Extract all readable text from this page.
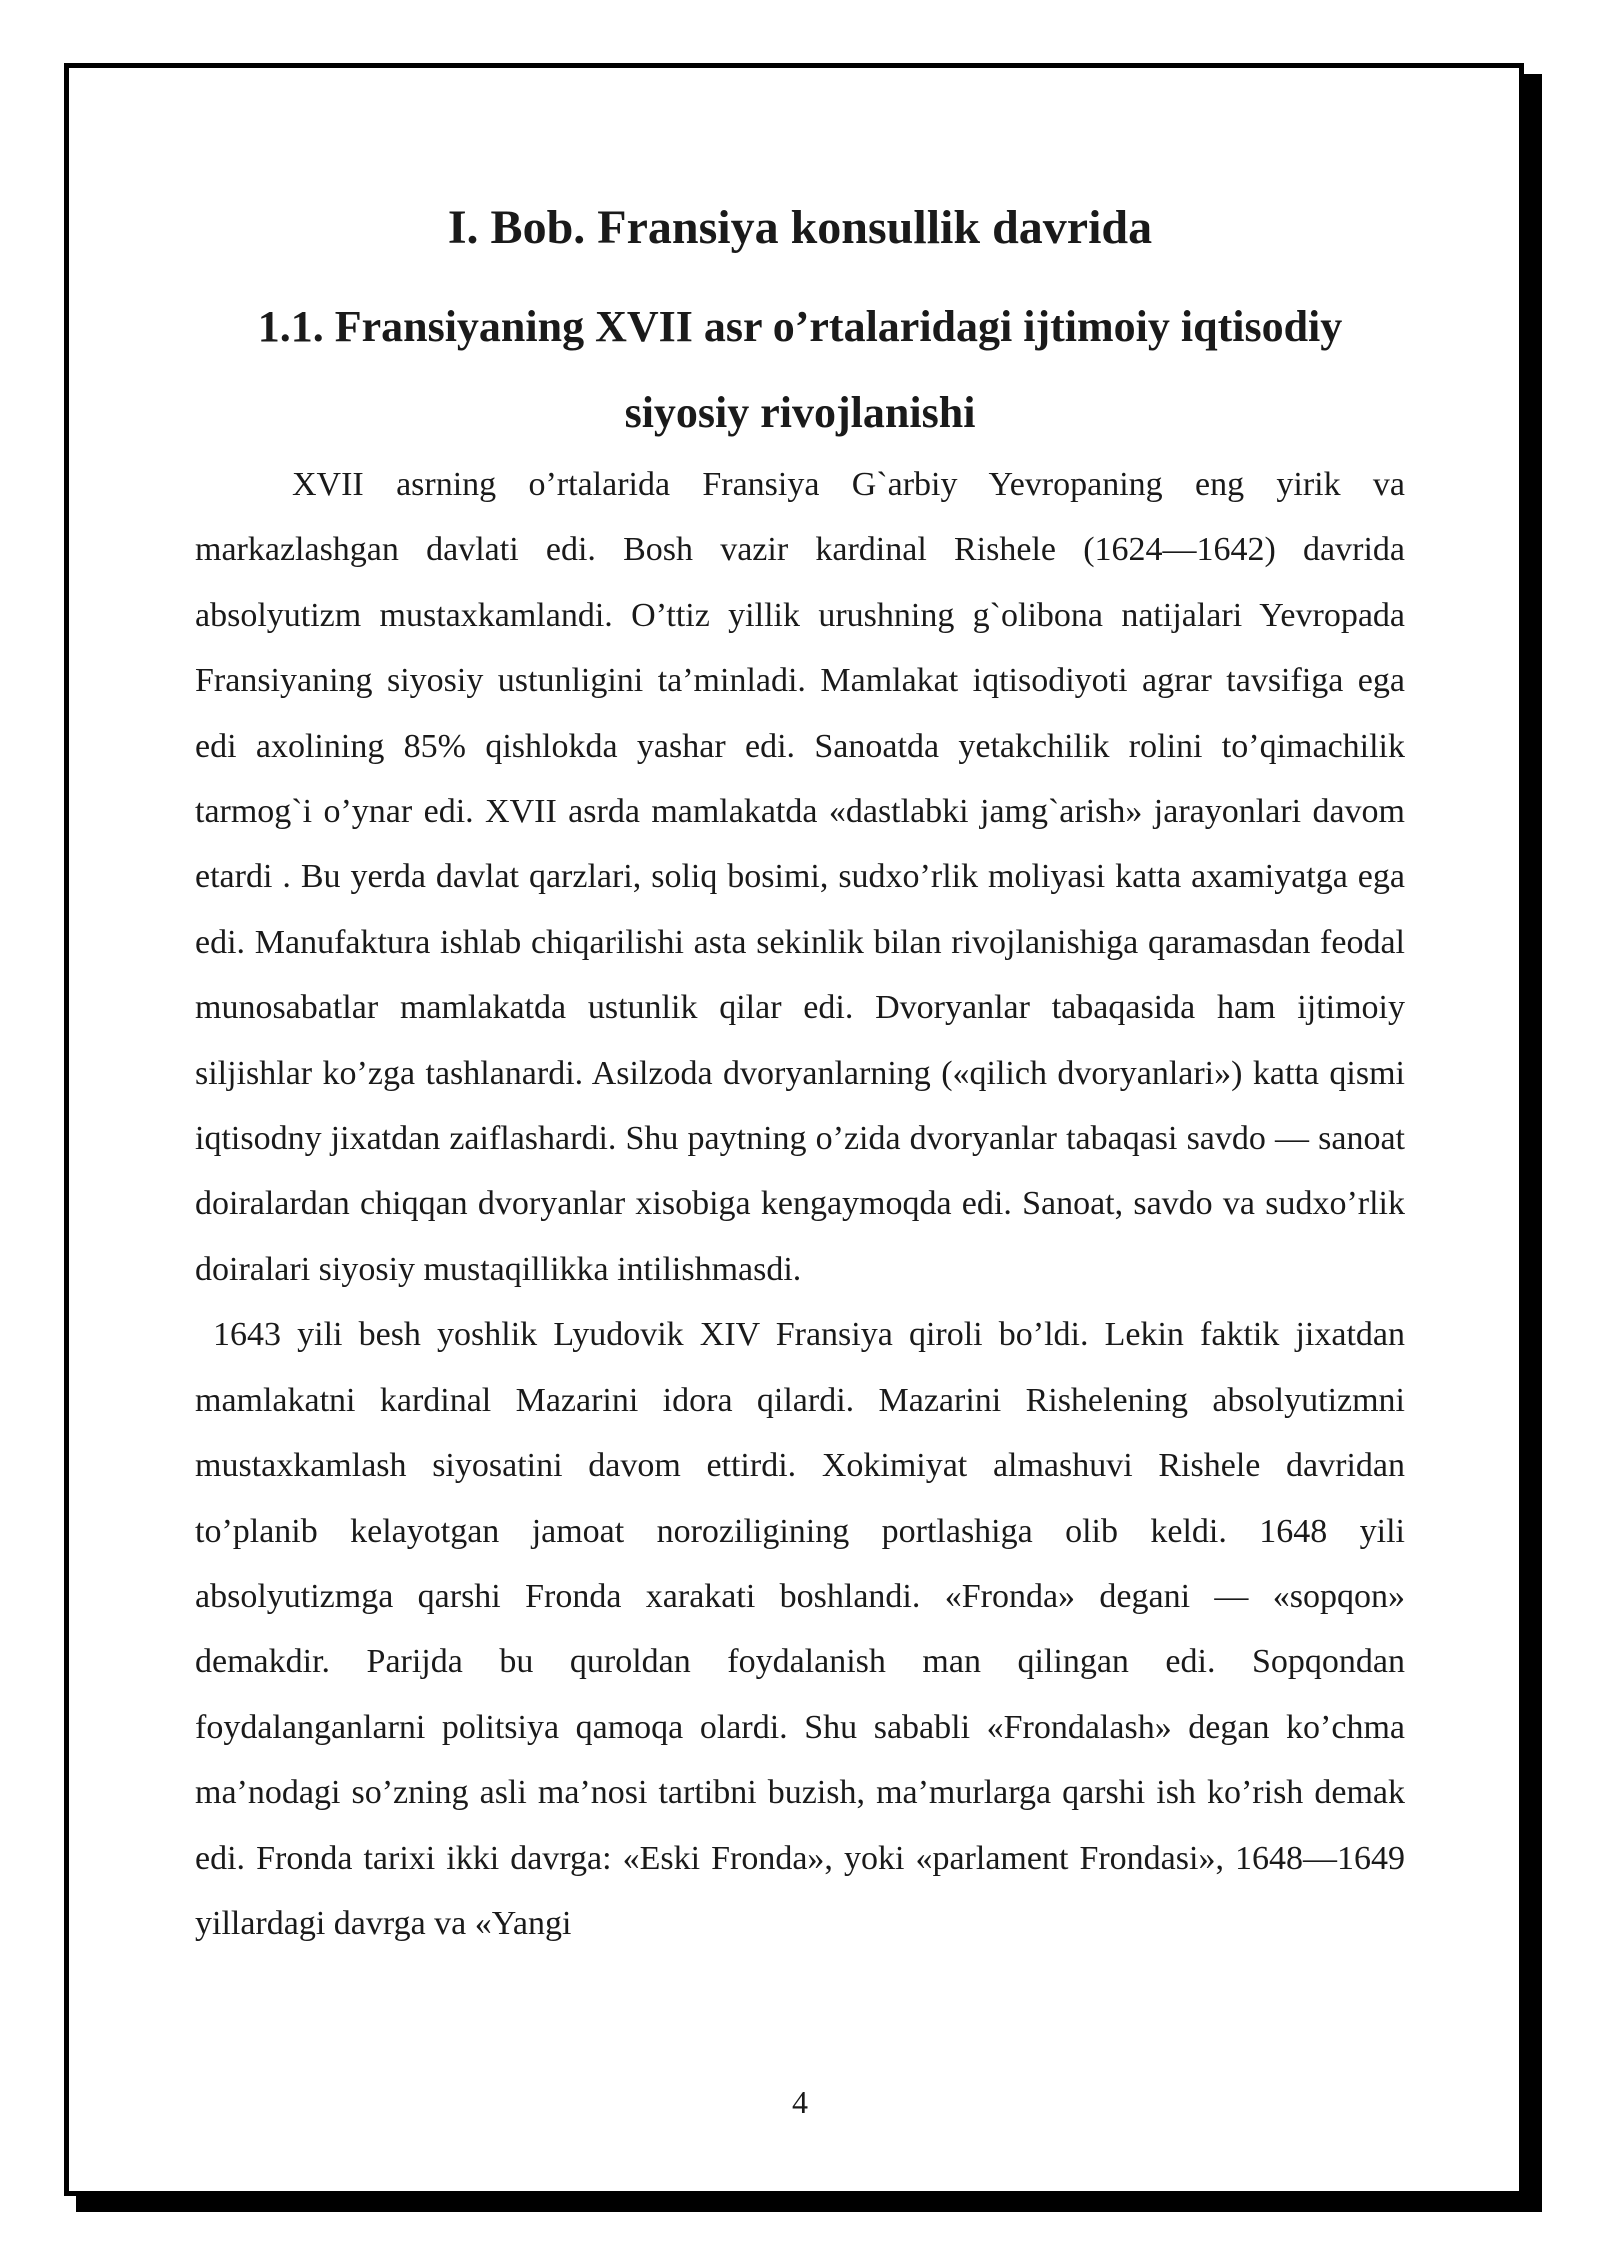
I. Bob. Fransiya konsullik davrida
1.1. Fransiyaning XVII asr o’rtalaridagi ijtimoiy iqtisodiy siyosiy rivojlanishi

XVII asrning o’rtalarida Fransiya G`arbiy Yevropaning eng yirik va markazlashgan davlati edi. Bosh vazir kardinal Rishele (1624—1642) davrida absolyutizm mustaxkamlandi. O’ttiz yillik urushning g`olibona natijalari Yevropada Fransiyaning siyosiy ustunligini ta’minladi. Mamlakat iqtisodiyoti agrar tavsifiga ega edi axolining 85% qishlokda yashar edi. Sanoatda yetakchilik rolini to’qimachilik tarmog`i o’ynar edi. XVII asrda mamlakatda «dastlabki jamg`arish» jarayonlari davom etardi . Bu yerda davlat qarzlari, soliq bosimi, sudxo’rlik moliyasi katta axamiyatga ega edi. Manufaktura ishlab chiqarilishi asta sekinlik bilan rivojlanishiga qaramasdan feodal munosabatlar mamlakatda ustunlik qilar edi. Dvoryanlar tabaqasida ham ijtimoiy siljishlar ko’zga tashlanardi. Asilzoda dvoryanlarning («qilich dvoryanlari») katta qismi iqtisodny jixatdan zaiflashardi. Shu paytning o’zida dvoryanlar tabaqasi savdo — sanoat doiralardan chiqqan dvoryanlar xisobiga kengaymoqda edi. Sanoat, savdo va sudxo’rlik doiralari siyosiy mustaqillikka intilishmasdi.

1643 yili besh yoshlik Lyudovik XIV Fransiya qiroli bo’ldi. Lekin faktik jixatdan mamlakatni kardinal Mazarini idora qilardi. Mazarini Rishelening absolyutizmni mustaxkamlash siyosatini davom ettirdi. Xokimiyat almashuvi Rishele davridan to’planib kelayotgan jamoat noroziligining portlashiga olib keldi. 1648 yili absolyutizmga qarshi Fronda xarakati boshlandi. «Fronda» degani — «sopqon» demakdir. Parijda bu quroldan foydalanish man qilingan edi. Sopqondan foydalanganlarni politsiya qamoqa olardi. Shu sababli «Frondalash» degan ko’chma ma’nodagi so’zning asli ma’nosi tartibni buzish, ma’murlarga qarshi ish ko’rish demak edi. Fronda tarixi ikki davrga: «Eski Fronda», yoki «parlament Frondasi», 1648—1649 yillardagi davrga va «Yangi

4
